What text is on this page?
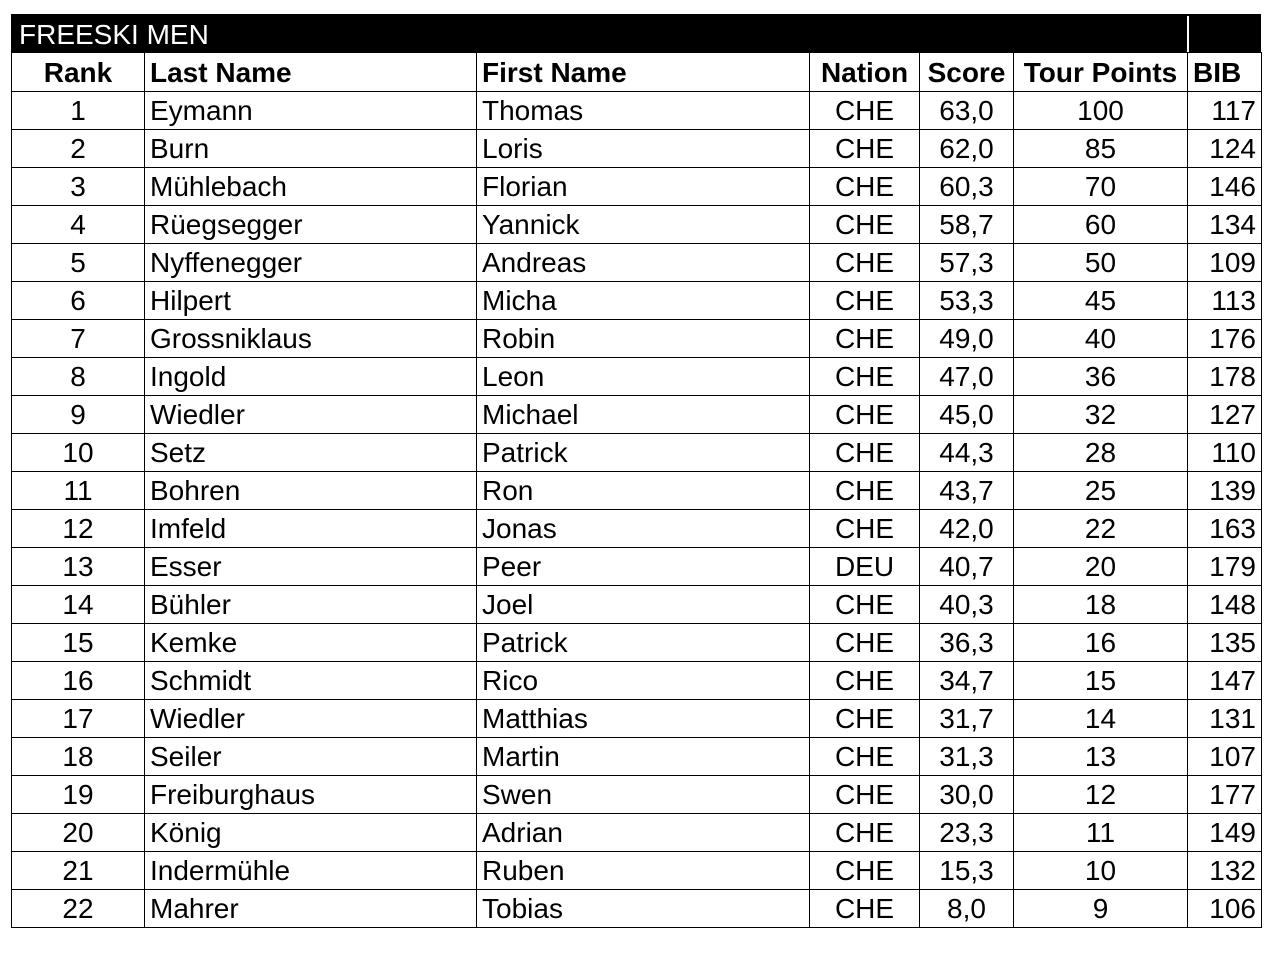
FREESKI MEN
Rank	Last Name	First Name	Nation	Score	Tour Points	BIB
1	Eymann	Thomas	CHE	63,0	100	117
2	Burn	Loris	CHE	62,0	85	124
3	Mühlebach	Florian	CHE	60,3	70	146
4	Rüegsegger	Yannick	CHE	58,7	60	134
5	Nyffenegger	Andreas	CHE	57,3	50	109
6	Hilpert	Micha	CHE	53,3	45	113
7	Grossniklaus	Robin	CHE	49,0	40	176
8	Ingold	Leon	CHE	47,0	36	178
9	Wiedler	Michael	CHE	45,0	32	127
10	Setz	Patrick	CHE	44,3	28	110
11	Bohren	Ron	CHE	43,7	25	139
12	Imfeld	Jonas	CHE	42,0	22	163
13	Esser	Peer	DEU	40,7	20	179
14	Bühler	Joel	CHE	40,3	18	148
15	Kemke	Patrick	CHE	36,3	16	135
16	Schmidt	Rico	CHE	34,7	15	147
17	Wiedler	Matthias	CHE	31,7	14	131
18	Seiler	Martin	CHE	31,3	13	107
19	Freiburghaus	Swen	CHE	30,0	12	177
20	König	Adrian	CHE	23,3	11	149
21	Indermühle	Ruben	CHE	15,3	10	132
22	Mahrer	Tobias	CHE	8,0	9	106
